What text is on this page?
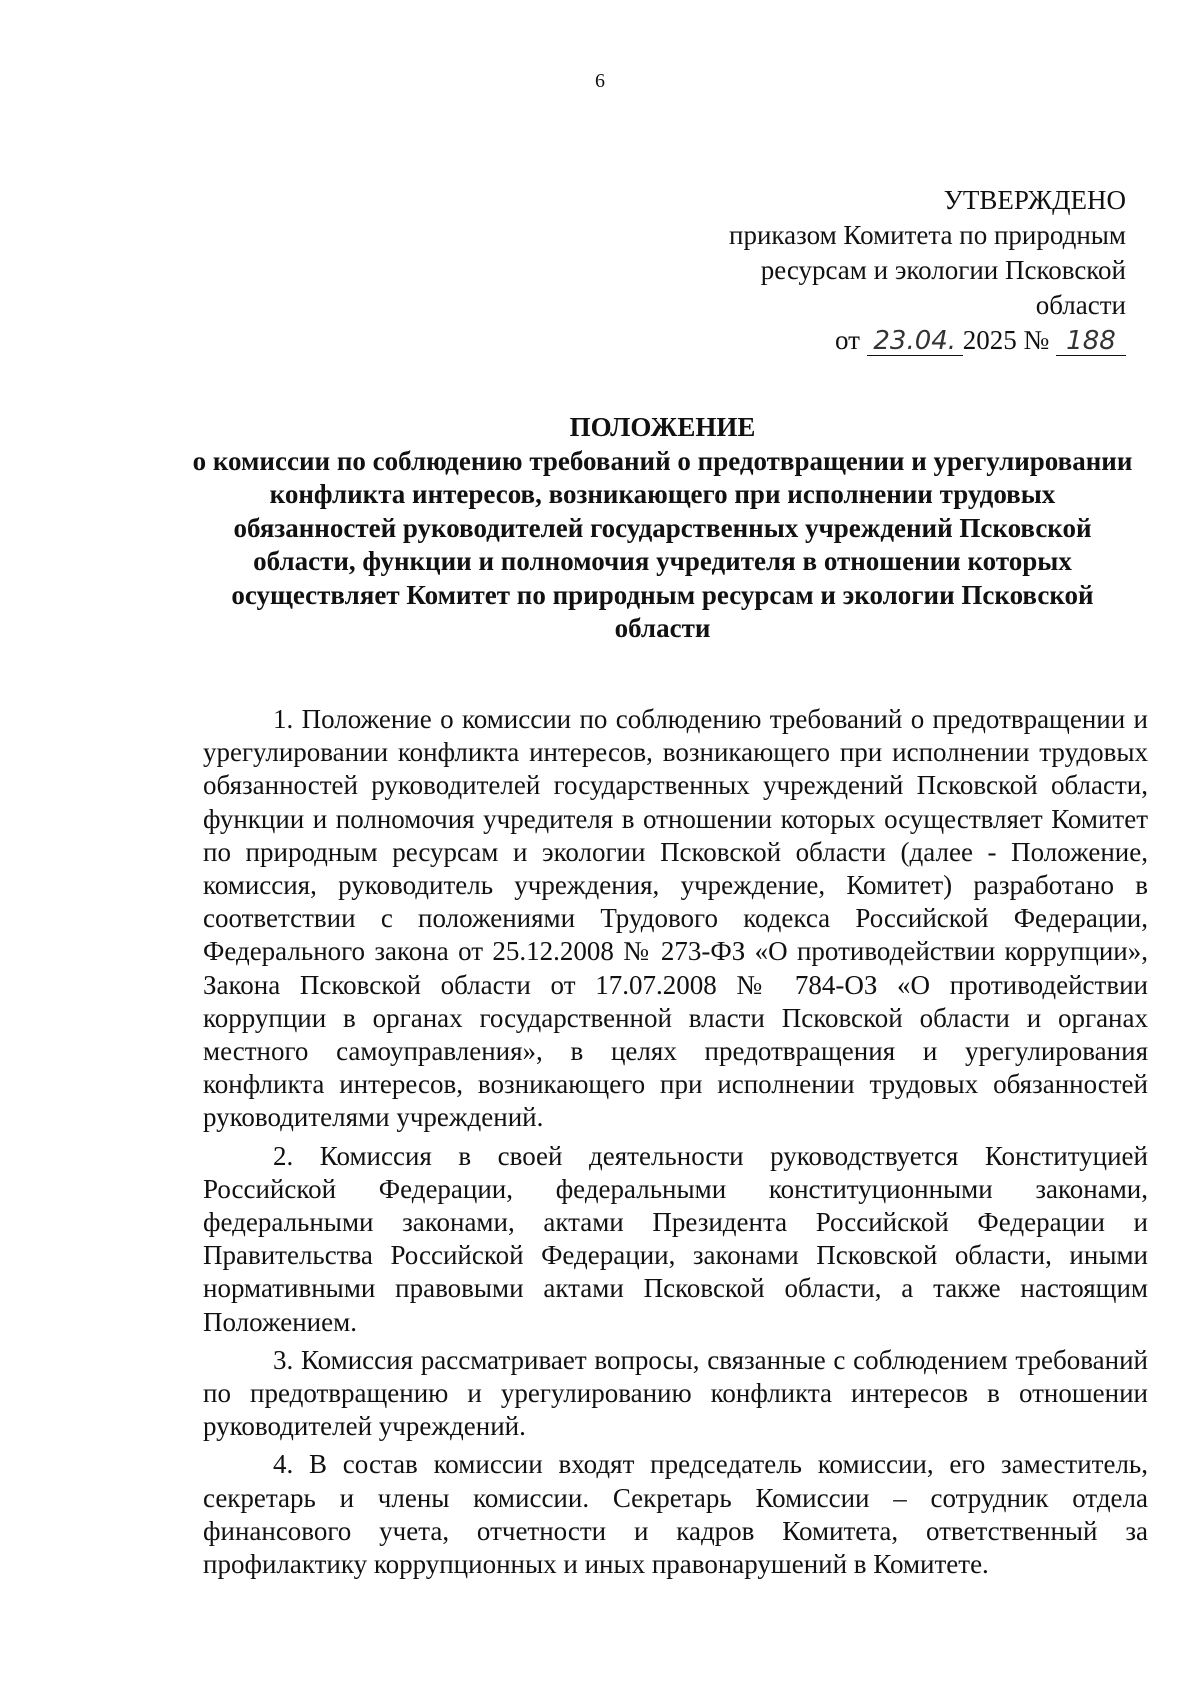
6
УТВЕРЖДЕНО
приказом Комитета по природным
ресурсам и экологии Псковской
области
от 23.04. 2025 № 188
ПОЛОЖЕНИЕ
о комиссии по соблюдению требований о предотвращении и урегулировании конфликта интересов, возникающего при исполнении трудовых обязанностей руководителей государственных учреждений Псковской области, функции и полномочия учредителя в отношении которых осуществляет Комитет по природным ресурсам и экологии Псковской области

1. Положение о комиссии по соблюдению требований о предотвращении и урегулировании конфликта интересов, возникающего при исполнении трудовых обязанностей руководителей государственных учреждений Псковской области, функции и полномочия учредителя в отношении которых осуществляет Комитет по природным ресурсам и экологии Псковской области (далее - Положение, комиссия, руководитель учреждения, учреждение, Комитет) разработано в соответствии с положениями Трудового кодекса Российской Федерации, Федерального закона от 25.12.2008 № 273-ФЗ «О противодействии коррупции», Закона Псковской области от 17.07.2008 № 784-ОЗ «О противодействии коррупции в органах государственной власти Псковской области и органах местного самоуправления», в целях предотвращения и урегулирования конфликта интересов, возникающего при исполнении трудовых обязанностей руководителями учреждений.

2. Комиссия в своей деятельности руководствуется Конституцией Российской Федерации, федеральными конституционными законами, федеральными законами, актами Президента Российской Федерации и Правительства Российской Федерации, законами Псковской области, иными нормативными правовыми актами Псковской области, а также настоящим Положением.

3. Комиссия рассматривает вопросы, связанные с соблюдением требований по предотвращению и урегулированию конфликта интересов в отношении руководителей учреждений.

4. В состав комиссии входят председатель комиссии, его заместитель, секретарь и члены комиссии. Секретарь Комиссии – сотрудник отдела финансового учета, отчетности и кадров Комитета, ответственный за профилактику коррупционных и иных правонарушений в Комитете.
